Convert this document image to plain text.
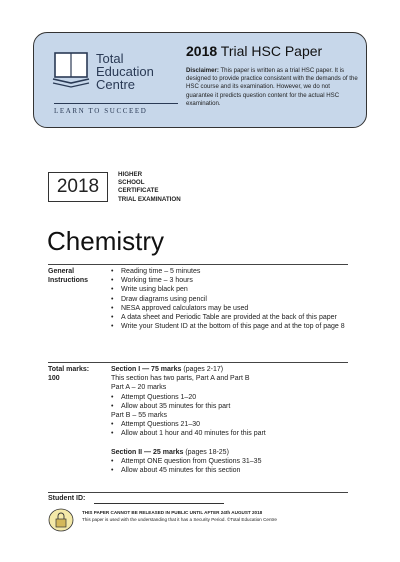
Total
Education
Centre
LEARN TO SUCCEED
2018 Trial HSC Paper
Disclaimer: This paper is written as a trial HSC paper. It is designed to provide practice consistent with the demands of the HSC course and its examination. However, we do not guarantee it predicts question content for the actual HSC examination.
2018
HIGHER
SCHOOL
CERTIFICATE
TRIAL EXAMINATION
Chemistry
General
Instructions
• Reading time – 5 minutes
• Working time – 3 hours
• Write using black pen
• Draw diagrams using pencil
• NESA approved calculators may be used
• A data sheet and Periodic Table are provided at the back of this paper
• Write your Student ID at the bottom of this page and at the top of page 8
Total marks:
100
Section I — 75 marks (pages 2-17)
This section has two parts, Part A and Part B
Part A – 20 marks
• Attempt Questions 1–20
• Allow about 35 minutes for this part
Part B – 55 marks
• Attempt Questions 21–30
• Allow about 1 hour and 40 minutes for this part
Section II — 25 marks (pages 18-25)
• Attempt ONE question from Questions 31–35
• Allow about 45 minutes for this section
Student ID:
THIS PAPER CANNOT BE RELEASED IN PUBLIC UNTIL AFTER 24th AUGUST 2018
This paper is used with the understanding that it has a Security Period. ©Total Education Centre
